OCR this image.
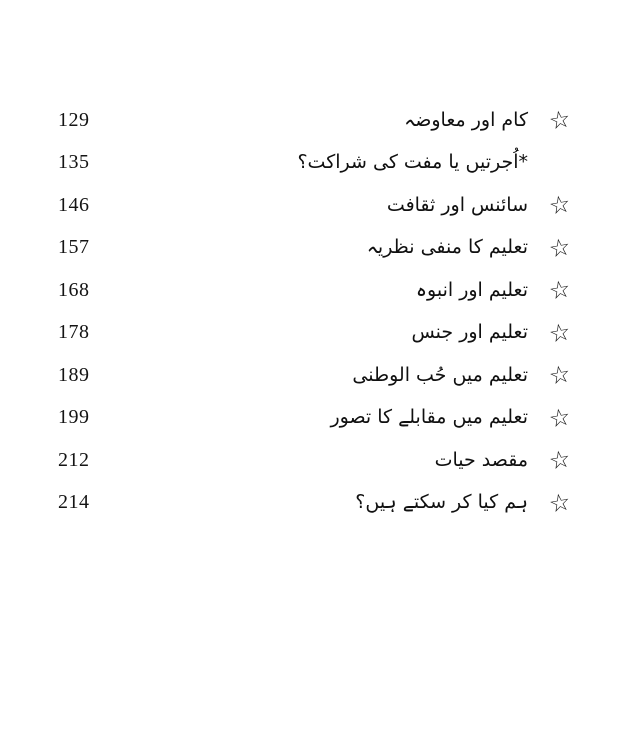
129	کام اور معاوضہ ☆
135	*اُجرتیں یا مفت کی شراکت؟
146	سائنس اور ثقافت ☆
157	تعلیم کا منفی نظریہ ☆
168	تعلیم اور انبوہ ☆
178	تعلیم اور جنس ☆
189	تعلیم میں حُب الوطنی ☆
199	تعلیم میں مقابلے کا تصور ☆
212	مقصد حیات ☆
214	ہم کیا کر سکتے ہیں؟ ☆
